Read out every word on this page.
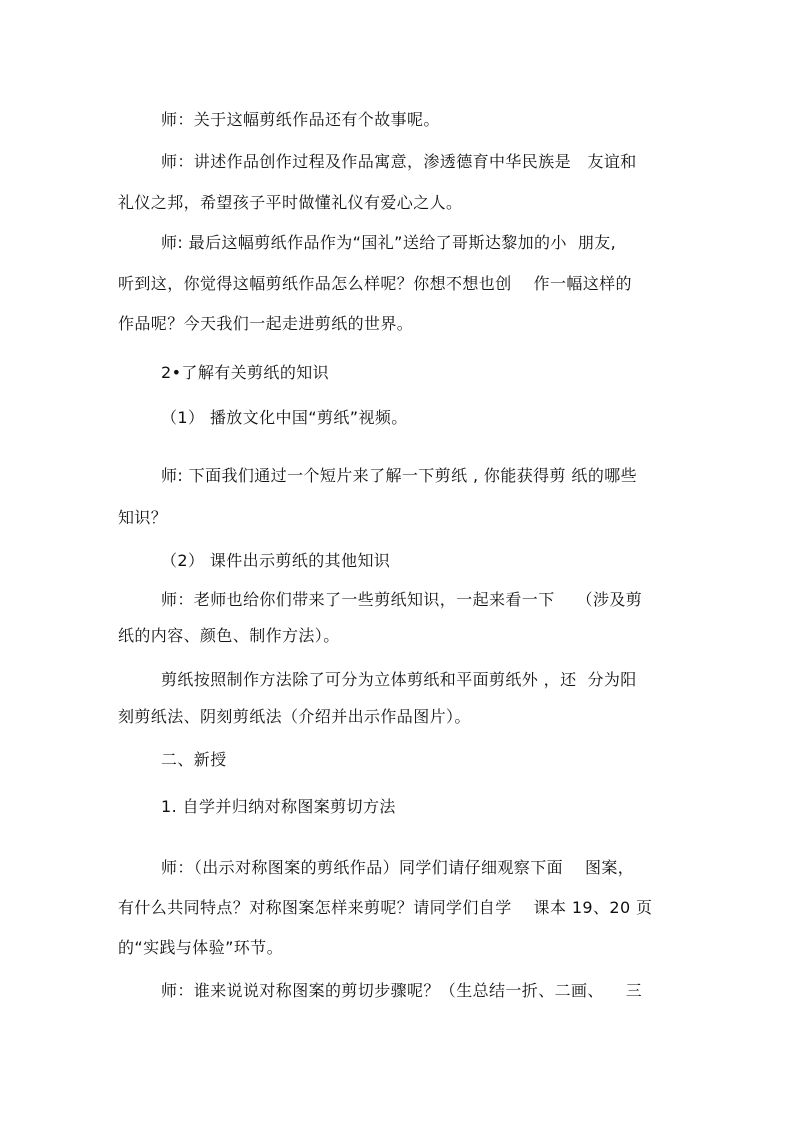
师：关于这幅剪纸作品还有个故事呢。
师：讲述作品创作过程及作品寓意，渗透德育中华民族是   友谊和
礼仪之邦，希望孩子平时做懂礼仪有爱心之人。
师: 最后这幅剪纸作品作为“国礼”送给了哥斯达黎加的小  朋友,
听到这，你觉得这幅剪纸作品怎么样呢？你想不想也创    作一幅这样的
作品呢？今天我们一起走进剪纸的世界。
2•了解有关剪纸的知识
（1） 播放文化中国“剪纸”视频。
师: 下面我们通过一个短片来了解一下剪纸 , 你能获得剪 纸的哪些
知识？
（2） 课件出示剪纸的其他知识
师：老师也给你们带来了一些剪纸知识，一起来看一下    （涉及剪
纸的内容、颜色、制作方法）。
剪纸按照制作方法除了可分为立体剪纸和平面剪纸外 ，还  分为阳
刻剪纸法、阴刻剪纸法（介绍并出示作品图片）。
二、新授
1. 自学并归纳对称图案剪切方法
师：（出示对称图案的剪纸作品）同学们请仔细观察下面    图案，
有什么共同特点？对称图案怎样来剪呢？请同学们自学    课本 19、20 页
的“实践与体验”环节。
师：谁来说说对称图案的剪切步骤呢？（生总结一折、二画、    三
